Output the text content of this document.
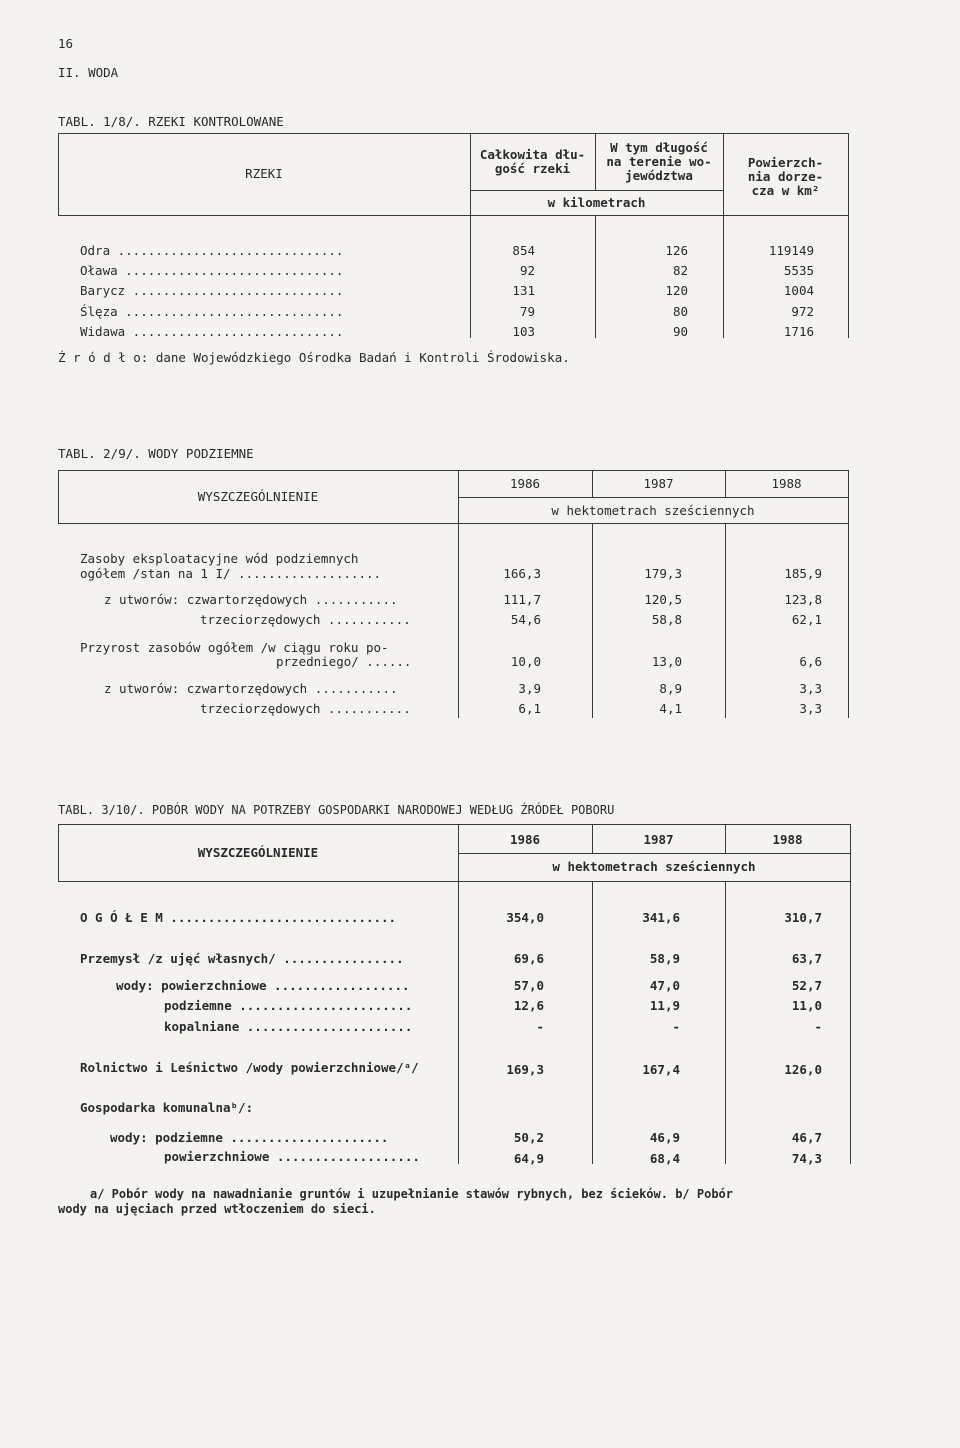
16
II. WODA
TABL. 1/8/. RZEKI KONTROLOWANE
RZEKI
Całkowita dłu-
gość rzeki
W tym długość
na terenie wo-
jewództwa
w kilometrach
Powierzch-
nia dorze-
cza w km²
Odra ..............................	854	126	119149
Oława .............................	92	82	5535
Barycz ............................	131	120	1004
Ślęza .............................	79	80	972
Widawa ............................	103	90	1716
Ź r ó d ł o: dane Wojewódzkiego Ośrodka Badań i Kontroli Środowiska.
TABL. 2/9/. WODY PODZIEMNE
WYSZCZEGÓLNIENIE
1986	1987	1988
w hektometrach sześciennych
Zasoby eksploatacyjne wód podziemnych
ogółem /stan na 1 I/ ...................	166,3	179,3	185,9
z utworów: czwartorzędowych ...........	111,7	120,5	123,8
trzeciorzędowych ...........	54,6	58,8	62,1
Przyrost zasobów ogółem /w ciągu roku po-
przedniego/ ......	10,0	13,0	6,6
z utworów: czwartorzędowych ...........	3,9	8,9	3,3
trzeciorzędowych ...........	6,1	4,1	3,3
TABL. 3/10/. POBÓR WODY NA POTRZEBY GOSPODARKI NARODOWEJ WEDŁUG ŹRÓDEŁ POBORU
WYSZCZEGÓLNIENIE
1986	1987	1988
w hektometrach sześciennych
O G Ó Ł E M ..............................	354,0	341,6	310,7
Przemysł /z ujęć własnych/ ................	69,6	58,9	63,7
wody: powierzchniowe ..................	57,0	47,0	52,7
podziemne .......................	12,6	11,9	11,0
kopalniane ......................	-	-	-
Rolnictwo i Leśnictwo /wody powierzchniowe/ᵃ/	169,3	167,4	126,0
Gospodarka komunalnaᵇ/:
wody: podziemne .....................	50,2	46,9	46,7
powierzchniowe ...................	64,9	68,4	74,3
a/ Pobór wody na nawadnianie gruntów i uzupełnianie stawów rybnych, bez ścieków. b/ Pobór
wody na ujęciach przed wtłoczeniem do sieci.
